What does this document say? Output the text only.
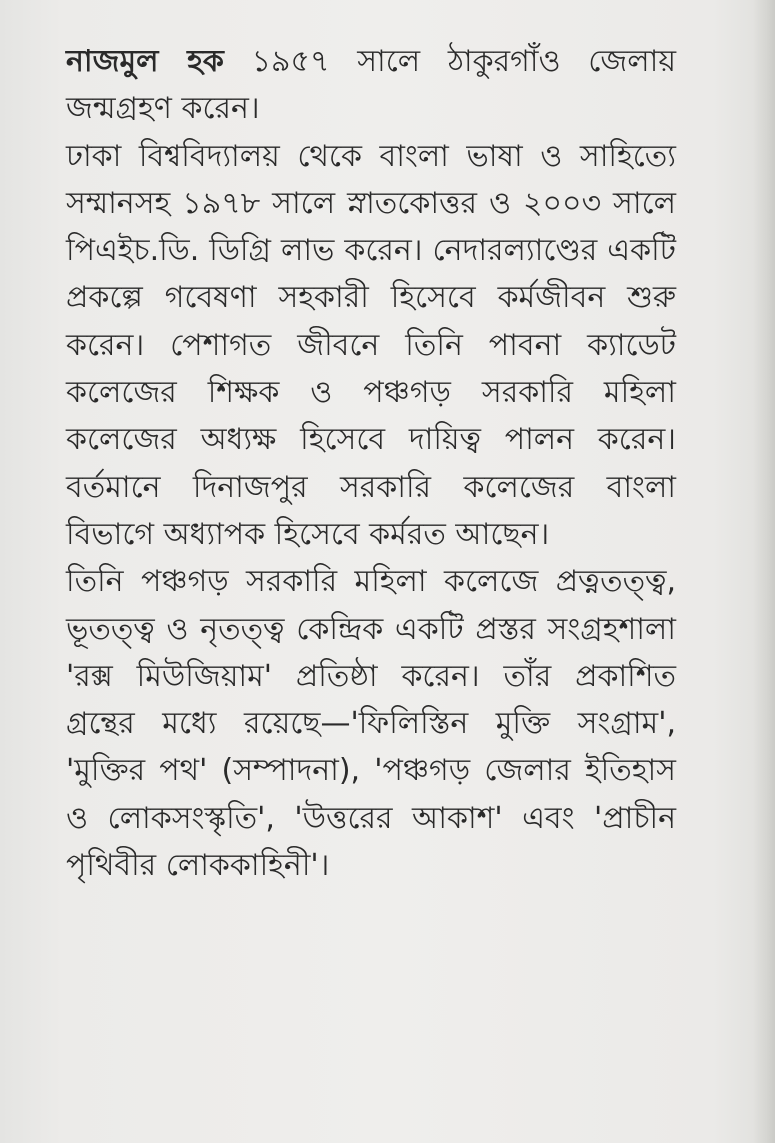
নাজমুল হক ১৯৫৭ সালে ঠাকুরগাঁও জেলায় জন্মগ্রহণ করেন।

ঢাকা বিশ্ববিদ্যালয় থেকে বাংলা ভাষা ও সাহিত্যে সম্মানসহ ১৯৭৮ সালে স্নাতকোত্তর ও ২০০৩ সালে পিএইচ.ডি. ডিগ্রি লাভ করেন। নেদারল্যাণ্ডের একটি প্রকল্পে গবেষণা সহকারী হিসেবে কর্মজীবন শুরু করেন। পেশাগত জীবনে তিনি পাবনা ক্যাডেট কলেজের শিক্ষক ও পঞ্চগড় সরকারি মহিলা কলেজের অধ্যক্ষ হিসেবে দায়িত্ব পালন করেন। বর্তমানে দিনাজপুর সরকারি কলেজের বাংলা বিভাগে অধ্যাপক হিসেবে কর্মরত আছেন।

তিনি পঞ্চগড় সরকারি মহিলা কলেজে প্রত্নতত্ত্ব, ভূতত্ত্ব ও নৃতত্ত্ব কেন্দ্রিক একটি প্রস্তর সংগ্রহশালা 'রক্স মিউজিয়াম' প্রতিষ্ঠা করেন। তাঁর প্রকাশিত গ্রন্থের মধ্যে রয়েছে—'ফিলিস্তিন মুক্তি সংগ্রাম', 'মুক্তির পথ' (সম্পাদনা), 'পঞ্চগড় জেলার ইতিহাস ও লোকসংস্কৃতি', 'উত্তরের আকাশ' এবং 'প্রাচীন পৃথিবীর লোককাহিনী'।
